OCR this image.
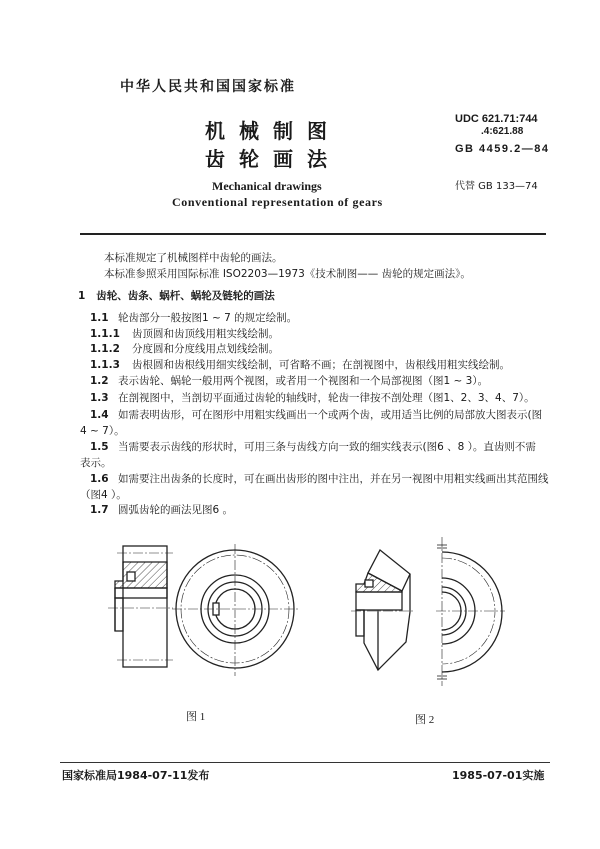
中华人民共和国国家标准
机械制图
齿轮画法
Mechanical drawings
Conventional representation of gears
UDC 621.71:744
.4:621.88
GB 4459.2—84
代替 GB 133—74
本标准规定了机械图样中齿轮的画法。
本标准参照采用国际标准 ISO2203—1973《技术制图—— 齿轮的规定画法》。
1 齿轮、齿条、蜗杆、蜗轮及链轮的画法
1.1 轮齿部分一般按图1 ~ 7 的规定绘制。
1.1.1 齿顶圆和齿顶线用粗实线绘制。
1.1.2 分度圆和分度线用点划线绘制。
1.1.3 齿根圆和齿根线用细实线绘制，可省略不画；在剖视图中，齿根线用粗实线绘制。
1.2 表示齿轮、蜗轮一般用两个视图，或者用一个视图和一个局部视图（图1 ~ 3）。
1.3 在剖视图中，当剖切平面通过齿轮的轴线时，轮齿一律按不剖处理（图1、2、3、4、7）。
1.4 如需表明齿形，可在图形中用粗实线画出一个或两个齿，或用适当比例的局部放大图表示(图
4 ~ 7）。
1.5 当需要表示齿线的形状时，可用三条与齿线方向一致的细实线表示(图6 、8 ）。直齿则不需
表示。
1.6 如需要注出齿条的长度时，可在画出齿形的图中注出，并在另一视图中用粗实线画出其范围线
（图4 ）。
1.7 圆弧齿轮的画法见图6 。
图 1	图 2
国家标准局1984-07-11发布	1985-07-01实施
